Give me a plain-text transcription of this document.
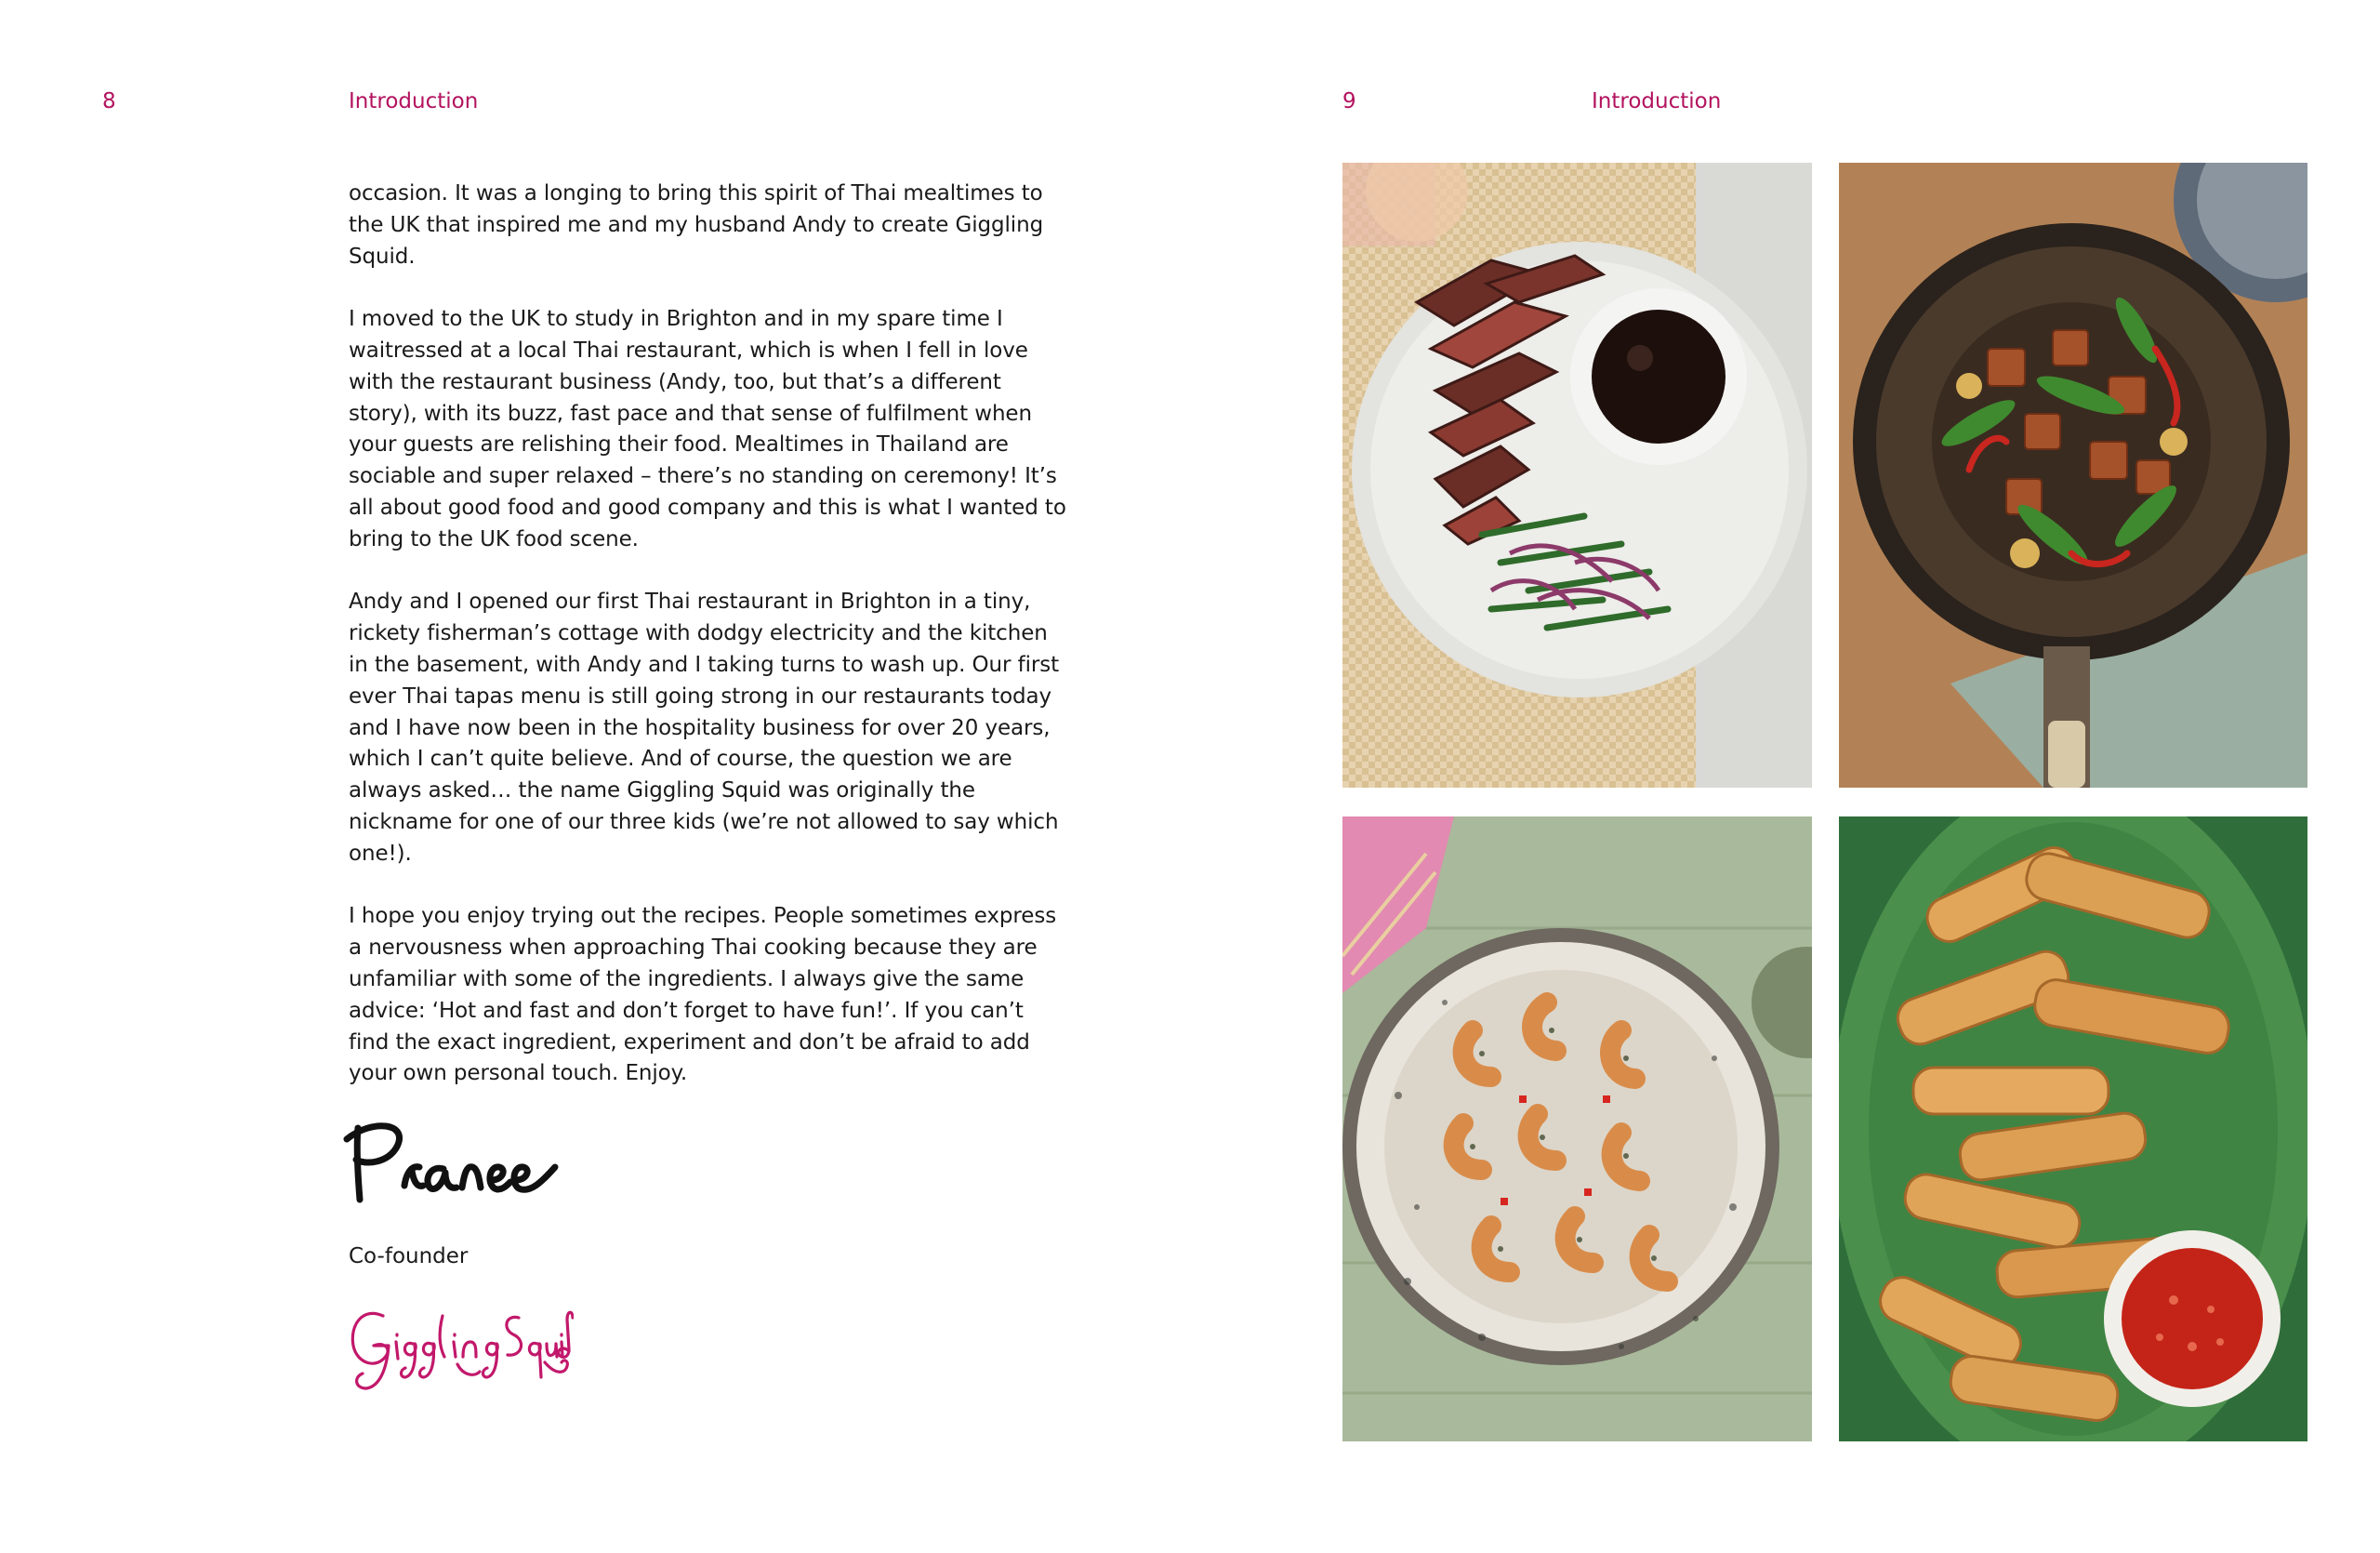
8	Introduction

occasion. It was a longing to bring this spirit of Thai mealtimes to the UK that inspired me and my husband Andy to create Giggling Squid.

I moved to the UK to study in Brighton and in my spare time I waitressed at a local Thai restaurant, which is when I fell in love with the restaurant business (Andy, too, but that’s a different story), with its buzz, fast pace and that sense of fulfilment when your guests are relishing their food. Mealtimes in Thailand are sociable and super relaxed – there’s no standing on ceremony! It’s all about good food and good company and this is what I wanted to bring to the UK food scene.

Andy and I opened our first Thai restaurant in Brighton in a tiny, rickety fisherman’s cottage with dodgy electricity and the kitchen in the basement, with Andy and I taking turns to wash up. Our first ever Thai tapas menu is still going strong in our restaurants today and I have now been in the hospitality business for over 20 years, which I can’t quite believe. And of course, the question we are always asked… the name Giggling Squid was originally the nickname for one of our three kids (we’re not allowed to say which one!).

I hope you enjoy trying out the recipes. People sometimes express a nervousness when approaching Thai cooking because they are unfamiliar with some of the ingredients. I always give the same advice: ‘Hot and fast and don’t forget to have fun!’. If you can’t find the exact ingredient, experiment and don’t be afraid to add your own personal touch. Enjoy.

Co-founder
9	Introduction
